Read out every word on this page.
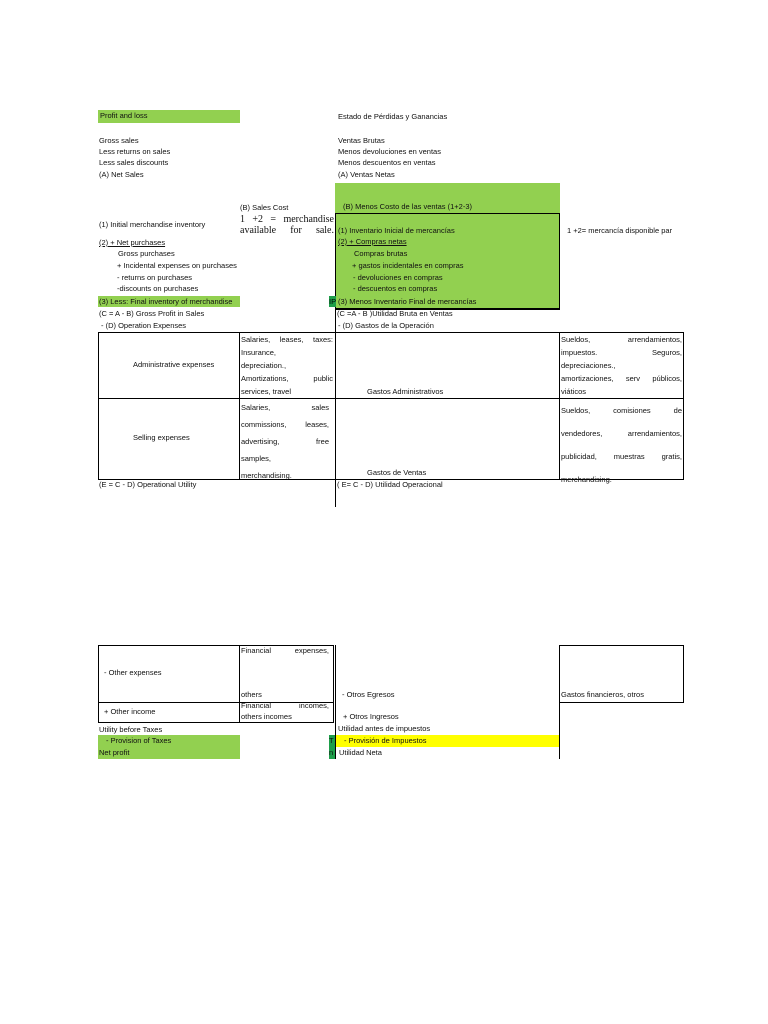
Profit and loss
Gross sales
Less returns on sales
Less sales discounts
(A) Net Sales
(B) Sales Cost
1 +2 = merchandise available for sale.
(1) Initial merchandise inventory
(2) + Net purchases
Gross purchases
+ Incidental expenses on purchases
- returns on purchases
-discounts on purchases
(3) Less: Final inventory of merchandise
(C = A - B) Gross Profit in Sales
- (D) Operation Expenses
Administrative expenses
Salaries, leases, taxes:
Insurance,
depreciation.,
Amortizations, public
services, travel
Selling expenses
Salaries, sales
commissions, leases,
advertising, free
samples,
merchandising.
(E = C - D) Operational Utility
- Other expenses
Financial expenses,
others
+ Other income
Financial incomes,
others incomes
Utility before Taxes
- Provision of Taxes
Net profit
Estado de Pérdidas y Ganancias
Ventas Brutas
Menos devoluciones en ventas
Menos descuentos en ventas
(A) Ventas Netas
(B) Menos Costo de las ventas (1+2-3)
(1) Inventario Inicial de mercancías
(2) + Compras netas
Compras brutas
+ gastos incidentales en compras
- devoluciones en compras
- descuentos en compras
(3) Menos Inventario Final de mercancías
IP
1 +2= mercancía disponible par
(C =A - B )Utilidad Bruta en Ventas
- (D) Gastos de la Operación
Gastos Administrativos
Sueldos, arrendamientos,
impuestos. Seguros,
depreciaciones.,
amortizaciones, serv públicos,
viáticos
Gastos de Ventas
Sueldos, comisiones de
vendedores, arrendamientos,
publicidad, muestras gratis,
merchandising.
( E= C - D) Utilidad Operacional
- Otros Egresos	Gastos financieros, otros
+ Otros Ingresos
Utilidad antes de impuestos
T - Provisión de Impuestos
n Utilidad Neta
